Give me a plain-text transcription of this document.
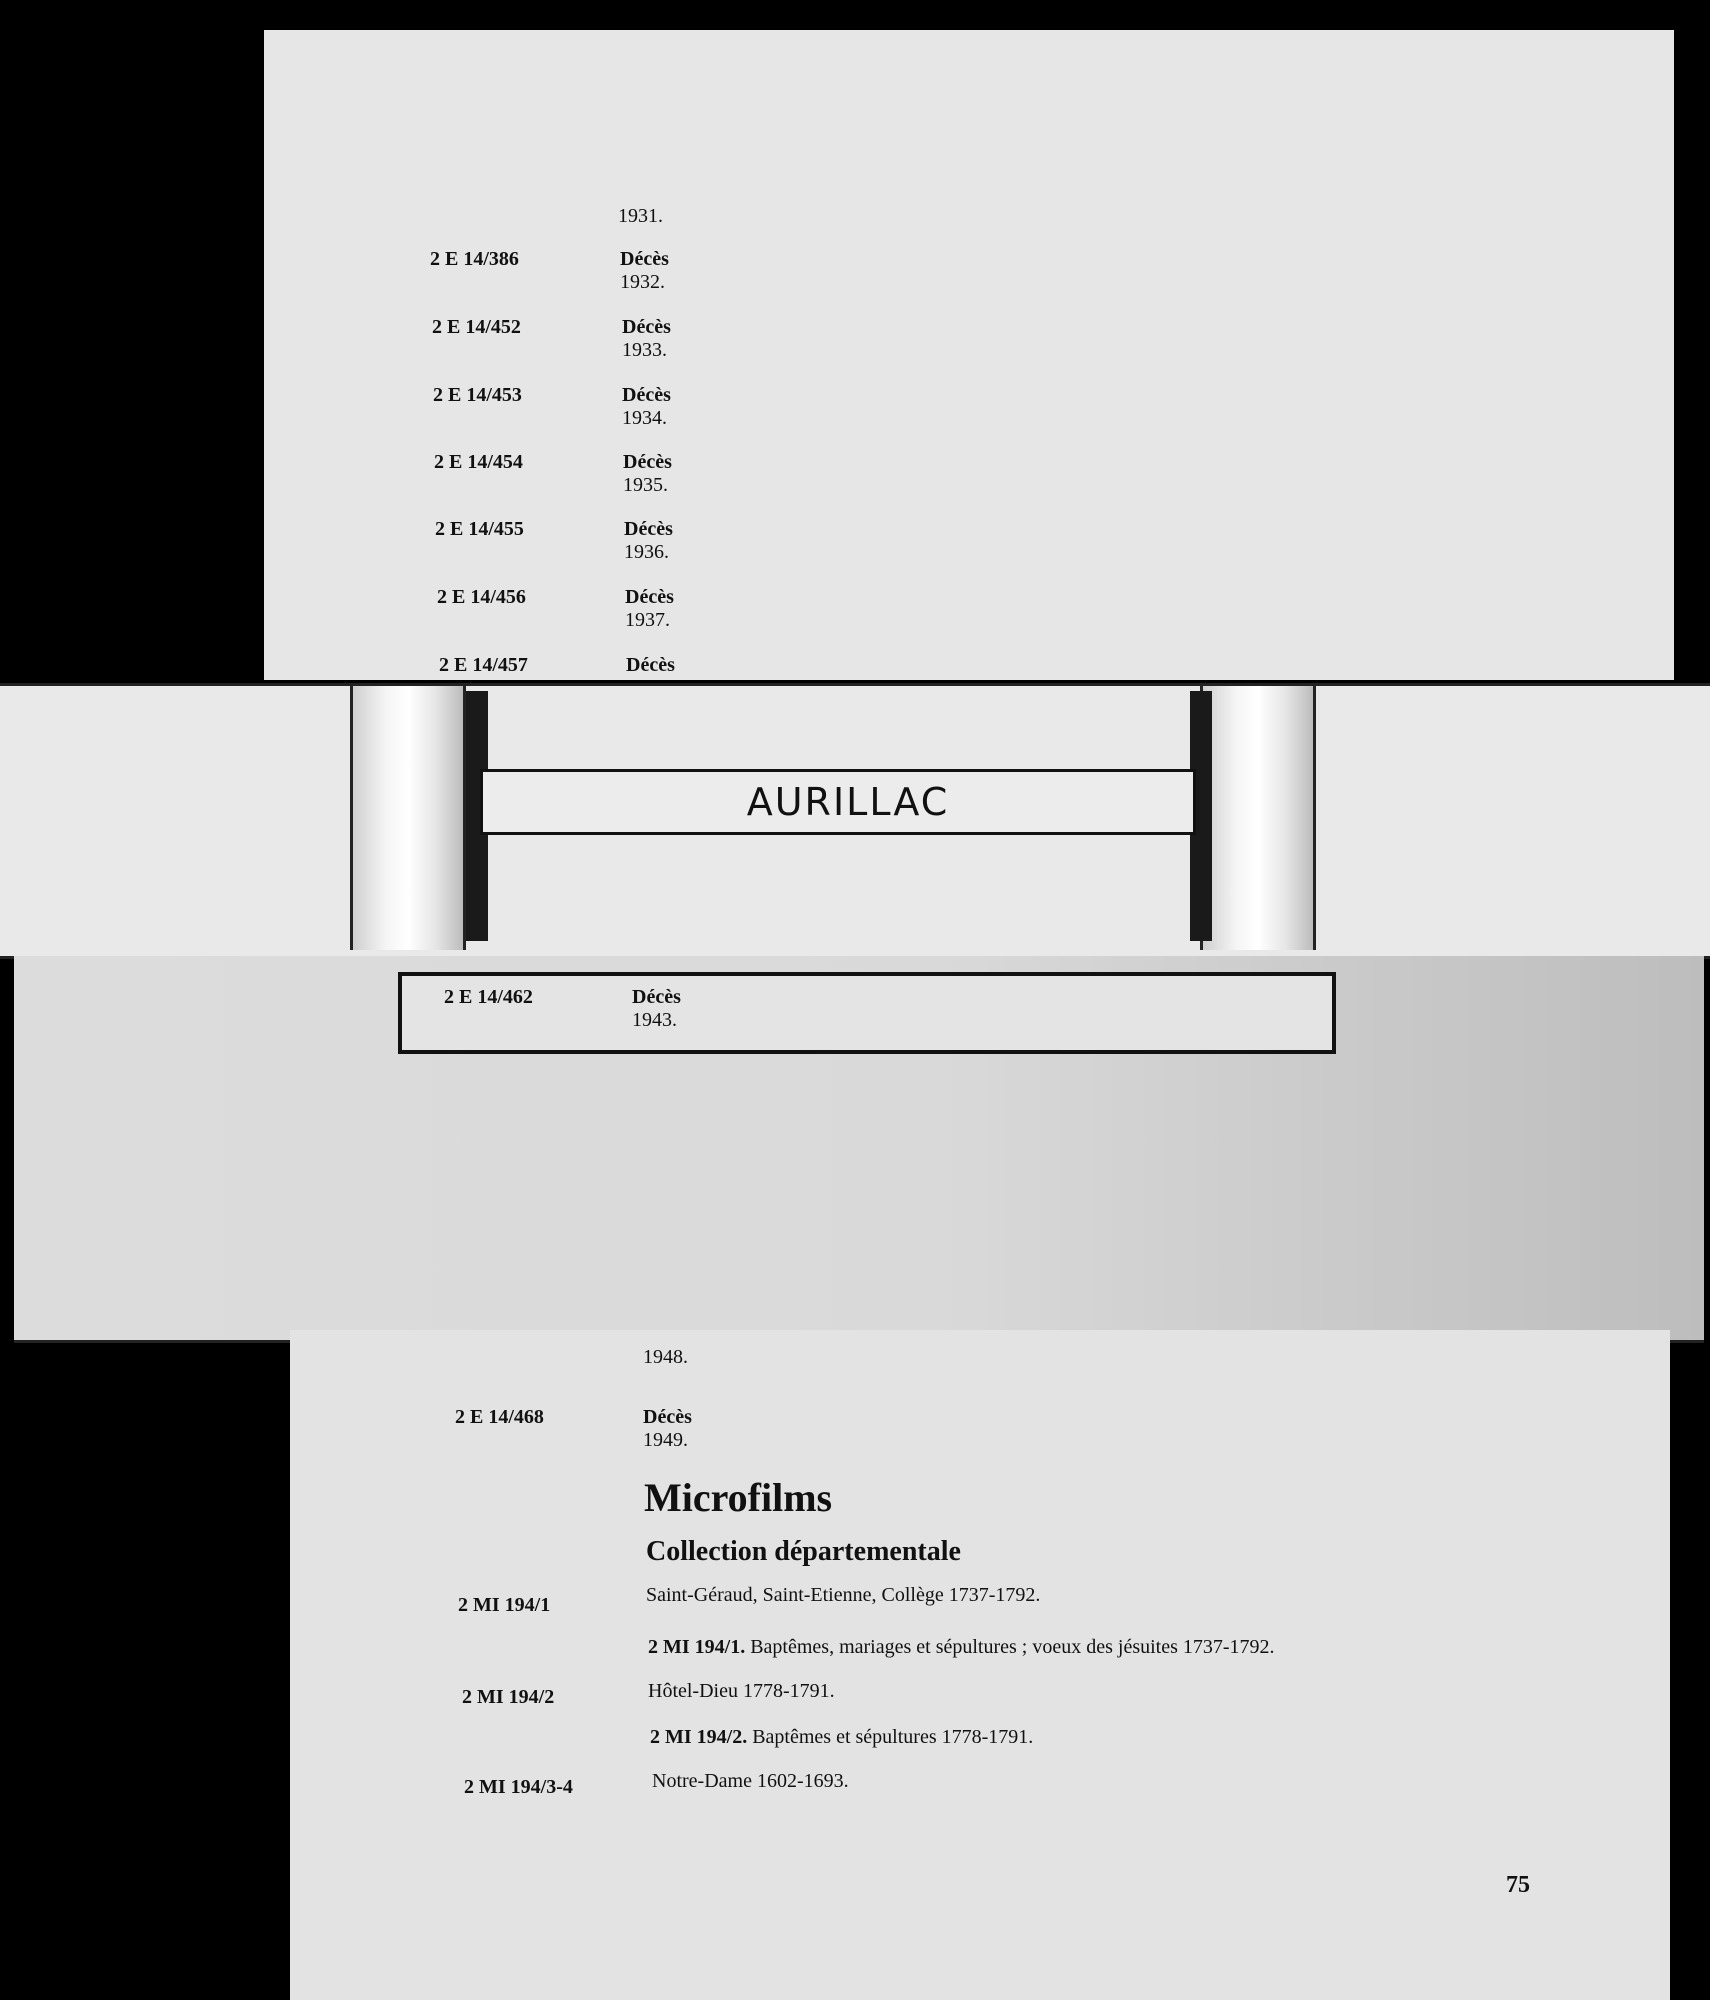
1931.
2 E 14/386	Décès
1932.
2 E 14/452	Décès
1933.
2 E 14/453	Décès
1934.
2 E 14/454	Décès
1935.
2 E 14/455	Décès
1936.
2 E 14/456	Décès
1937.
2 E 14/457	Décès
AURILLAC
2 E 14/462	Décès
1943.
1948.
2 E 14/468	Décès
1949.
Microfilms
Collection départementale
2 MI 194/1	Saint-Géraud, Saint-Etienne, Collège 1737-1792.
2 MI 194/1. Baptêmes, mariages et sépultures ; voeux des jésuites 1737-1792.
2 MI 194/2	Hôtel-Dieu 1778-1791.
2 MI 194/2. Baptêmes et sépultures 1778-1791.
2 MI 194/3-4	Notre-Dame 1602-1693.
75
